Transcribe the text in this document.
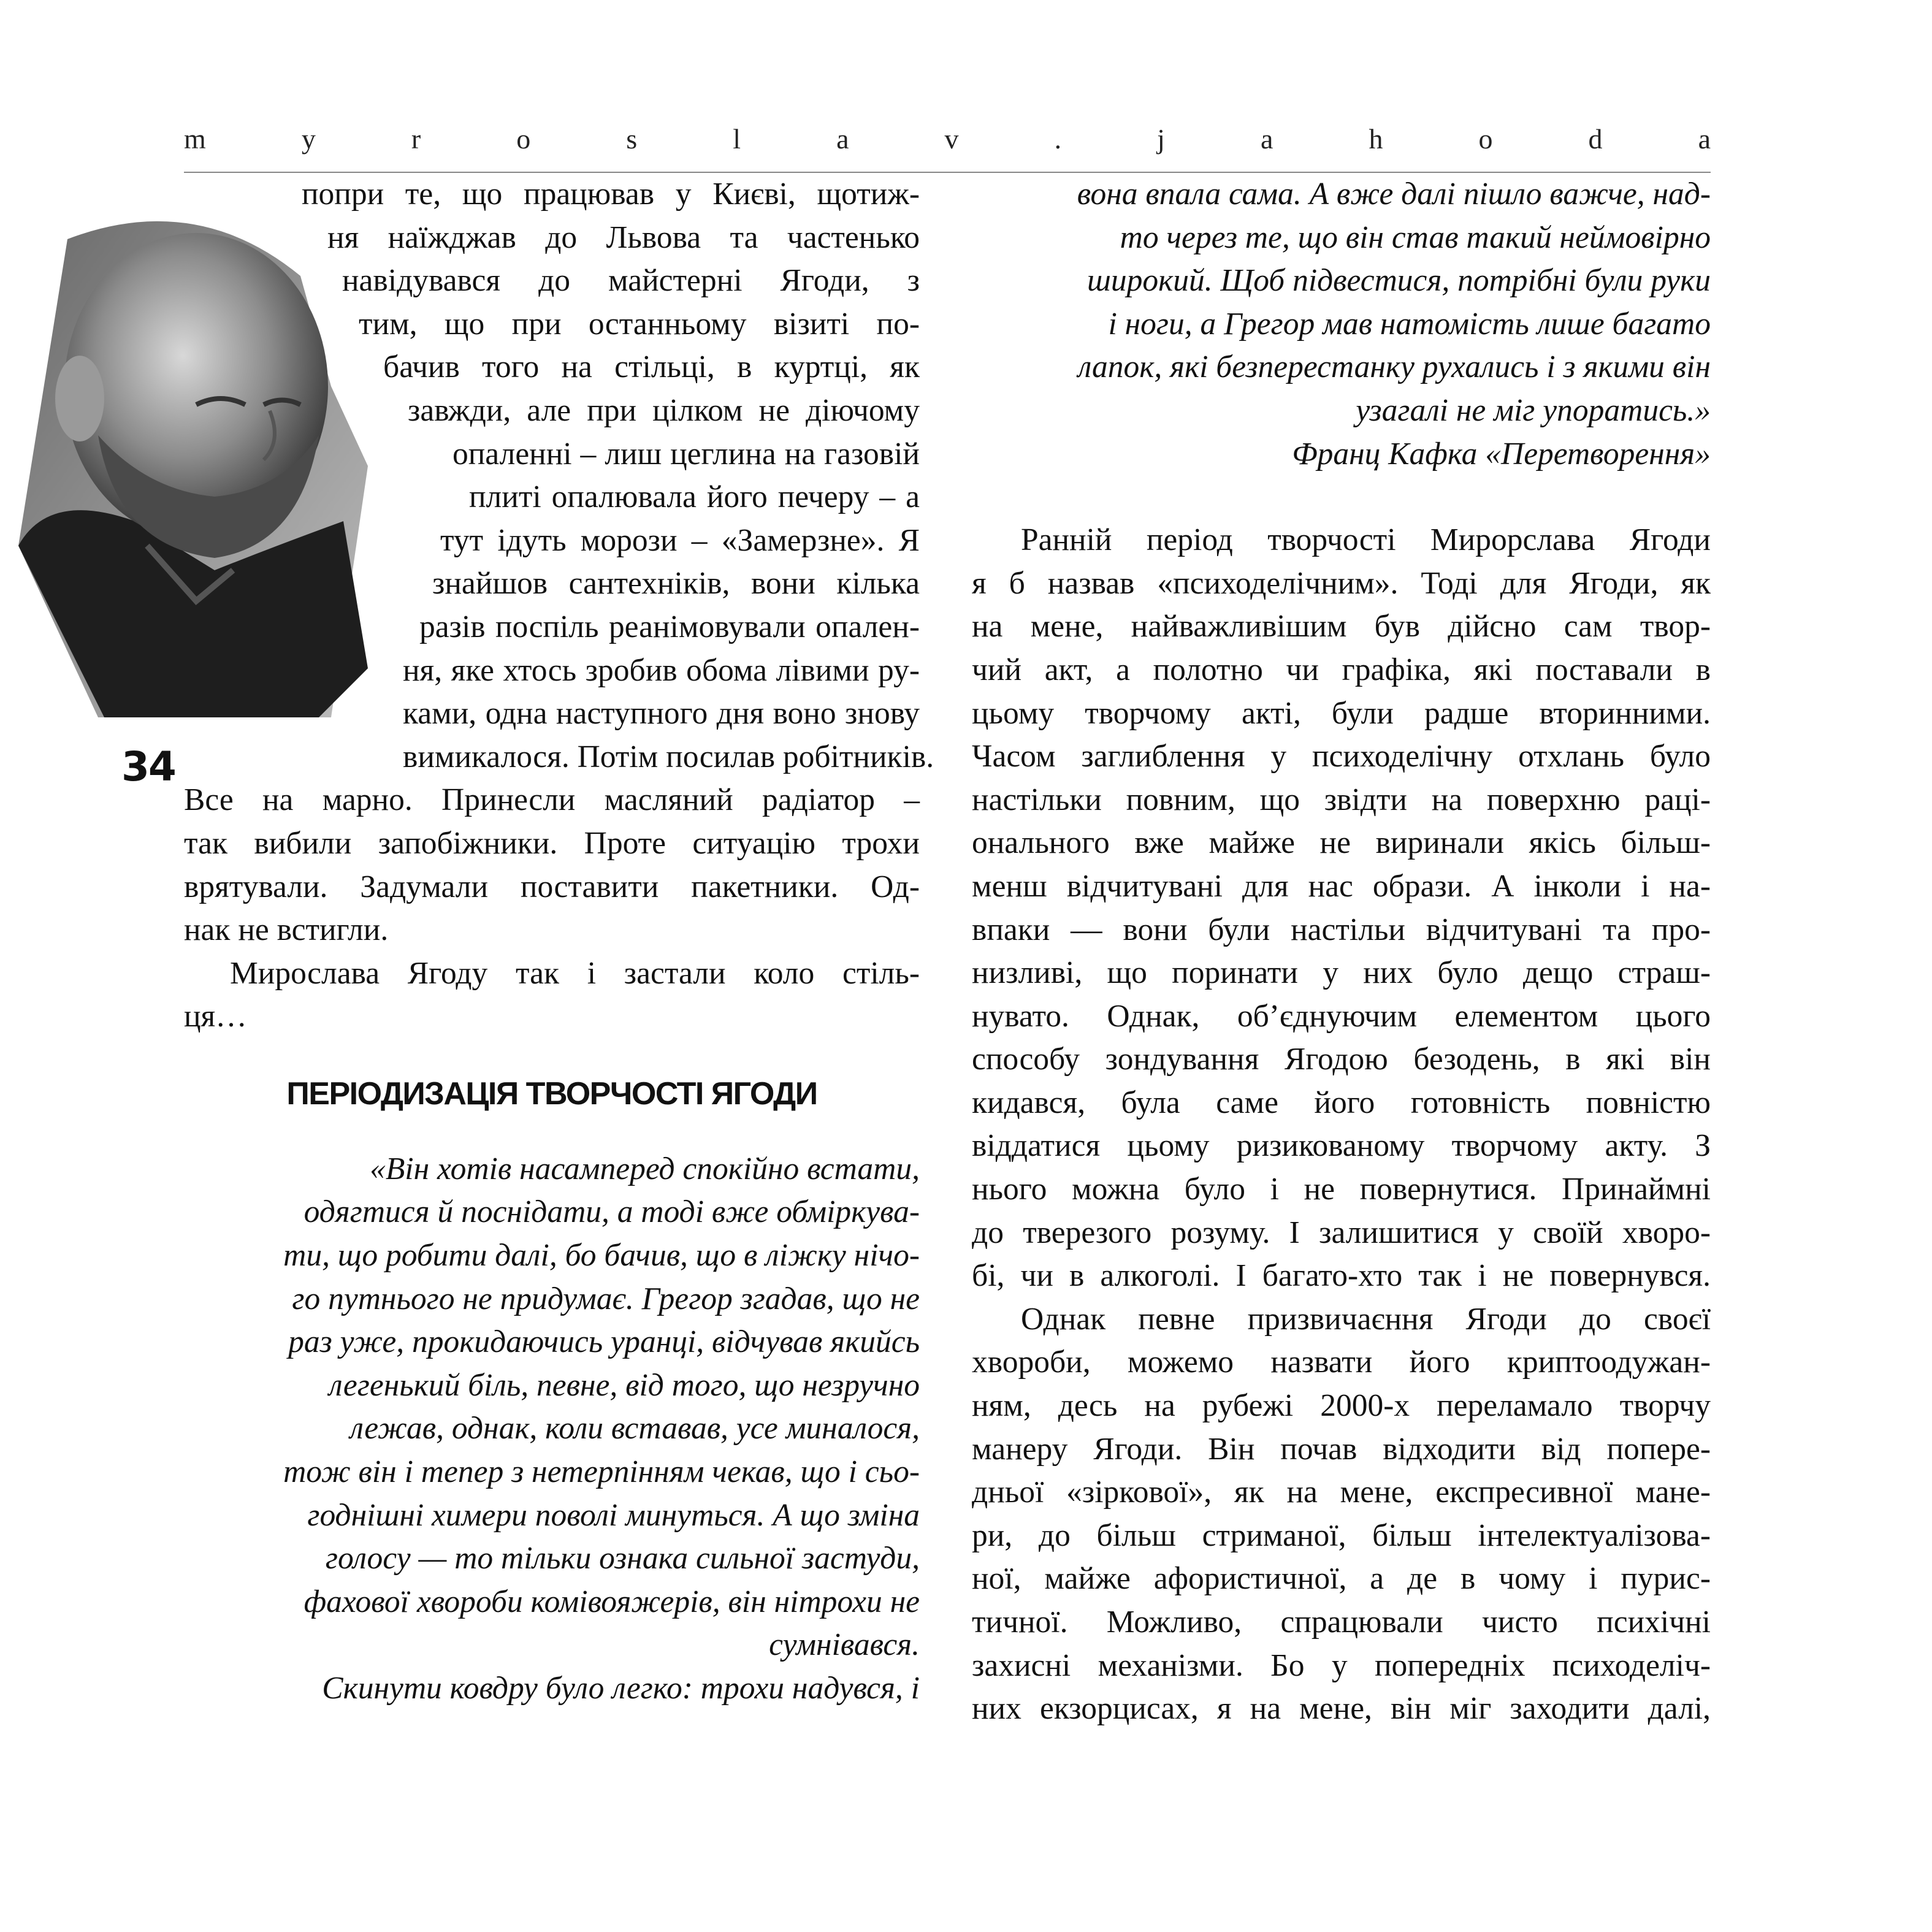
m	y	r	o	s	l	a	v	.	j	a	h	o	d	a
34
попри те, що працював у Києві, щотиж-
ня наїжджав до Львова та частенько
навідувався до майстерні Ягоди, з
тим, що при останньому візиті по-
бачив того на стільці, в куртці, як
завжди, але при цілком не діючому
опаленні – лиш цеглина на газовій
плиті опалювала його печеру – а
тут ідуть морози – «Замерзне». Я
знайшов сантехніків, вони кілька
разів поспіль реанімовували опален-
ня, яке хтось зробив обома лівими ру-
ками, одна наступного дня воно знову
вимикалося. Потім посилав робітників.
Все на марно. Принесли масляний радіатор –
так вибили запобіжники. Проте ситуацію трохи
врятували. Задумали поставити пакетники. Од-
нак не встигли.
Мирослава Ягоду так і застали коло стіль-
ця…
ПЕРІОДИЗАЦІЯ ТВОРЧОСТІ ЯГОДИ
«Він хотів насамперед спокійно встати,
одягтися й поснідати, а тоді вже обміркува-
ти, що робити далі, бо бачив, що в ліжку нічо-
го путнього не придумає. Грегор згадав, що не
раз уже, прокидаючись уранці, відчував якийсь
легенький біль, певне, від того, що незручно
лежав, однак, коли вставав, усе миналося,
тож він і тепер з нетерпінням чекав, що і сьо-
годнішні химери поволі минуться. А що зміна
голосу — то тільки ознака сильної застуди,
фахової хвороби комівояжерів, він нітрохи не
сумнівався.
Скинути ковдру було легко: трохи надувся, і
вона впала сама. А вже далі пішло важче, над-
то через те, що він став такий неймовірно
широкий. Щоб підвестися, потрібні були руки
і ноги, а Грегор мав натомість лише багато
лапок, які безперестанку рухались і з якими він
узагалі не міг упоратись.»
Франц Кафка «Перетворення»
Ранній період творчості Мирорслава Ягоди
я б назвав «психоделічним». Тоді для Ягоди, як
на мене, найважливішим був дійсно сам твор-
чий акт, а полотно чи графіка, які поставали в
цьому творчому акті, були радше вторинними.
Часом заглиблення у психоделічну отхлань було
настільки повним, що звідти на поверхню раці-
онального вже майже не виринали якісь більш-
менш відчитувані для нас образи. А інколи і на-
впаки — вони були настільи відчитувані та про-
низливі, що поринати у них було дещо страш-
нувато. Однак, об’єднуючим елементом цього
способу зондування Ягодою безодень, в які він
кидався, була саме його готовність повністю
віддатися цьому ризикованому творчому акту. З
нього можна було і не повернутися. Принаймні
до тверезого розуму. І залишитися у своїй хворо-
бі, чи в алкоголі. І багато-хто так і не повернувся.
Однак певне призвичаєння Ягоди до своєї
хвороби, можемо назвати його криптоодужан-
ням, десь на рубежі 2000-х переламало творчу
манеру Ягоди. Він почав відходити від попере-
дньої «зіркової», як на мене, експресивної мане-
ри, до більш стриманої, більш інтелектуалізова-
ної, майже афористичної, а де в чому і пурис-
тичної. Можливо, спрацювали чисто психічні
захисні механізми. Бо у попередніх психоделіч-
них екзорцисах, я на мене, він міг заходити далі,
